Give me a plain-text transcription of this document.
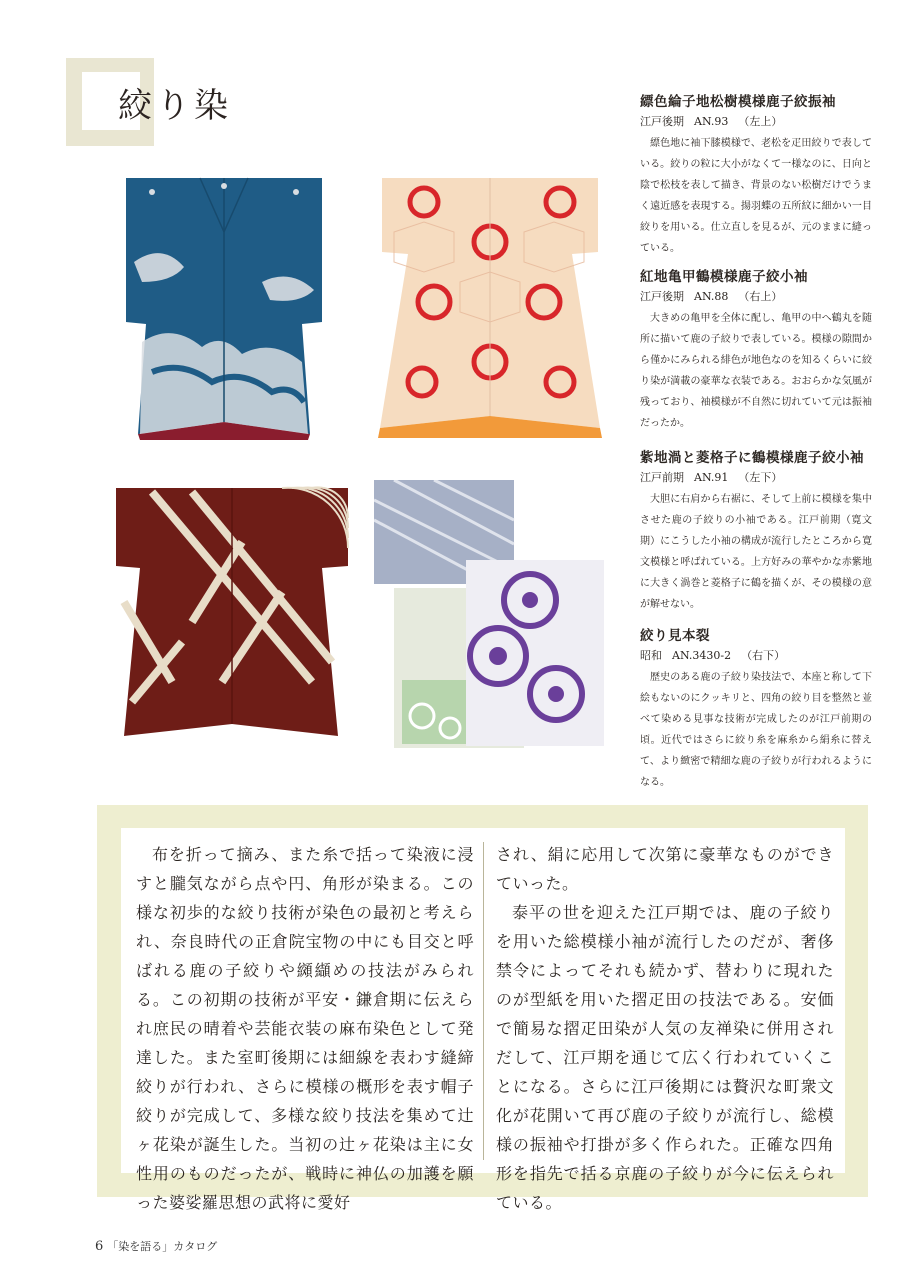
絞り染	縹色綸子地松樹模様鹿子絞振袖

江戸後期 AN.93 （左上）

縹色地に袖下膝模様で、老松を疋田絞りで表している。絞りの粒に大小がなくて一様なのに、日向と陰で松枝を表して描き、背景のない松樹だけでうまく遠近感を表現する。揚羽蝶の五所紋に細かい一目絞りを用いる。仕立直しを見るが、元のままに縫っている。

紅地亀甲鶴模様鹿子絞小袖

江戸後期 AN.88 （右上）

大きめの亀甲を全体に配し、亀甲の中へ鶴丸を随所に描いて鹿の子絞りで表している。模様の隙間から僅かにみられる緋色が地色なのを知るくらいに絞り染が満載の豪華な衣装である。おおらかな気風が残っており、袖模様が不自然に切れていて元は振袖だったか。

紫地渦と菱格子に鶴模様鹿子絞小袖

江戸前期 AN.91 （左下）

大胆に右肩から右裾に、そして上前に模様を集中させた鹿の子絞りの小袖である。江戸前期（寛文期）にこうした小袖の構成が流行したところから寛文模様と呼ばれている。上方好みの華やかな赤紫地に大きく渦巻と菱格子に鶴を描くが、その模様の意が解せない。

絞り見本裂

昭和 AN.3430-2 （右下）

歴史のある鹿の子絞り染技法で、本座と称して下絵もないのにクッキリと、四角の絞り目を整然と並べて染める見事な技術が完成したのが江戸前期の頃。近代ではさらに絞り糸を麻糸から絹糸に替えて、より緻密で精細な鹿の子絞りが行われるようになる。

布を折って摘み、また糸で括って染液に浸すと朧気ながら点や円、角形が染まる。この様な初歩的な絞り技術が染色の最初と考えられ、奈良時代の正倉院宝物の中にも目交と呼ばれる鹿の子絞りや纐纈めの技法がみられる。この初期の技術が平安・鎌倉期に伝えられ庶民の晴着や芸能衣装の麻布染色として発達した。また室町後期には細線を表わす縫締絞りが行われ、さらに模様の概形を表す帽子絞りが完成して、多様な絞り技法を集めて辻ヶ花染が誕生した。当初の辻ヶ花染は主に女性用のものだったが、戦時に神仏の加護を願った婆娑羅思想の武将に愛好

され、絹に応用して次第に豪華なものができていった。

泰平の世を迎えた江戸期では、鹿の子絞りを用いた総模様小袖が流行したのだが、奢侈禁令によってそれも続かず、替わりに現れたのが型紙を用いた摺疋田の技法である。安価で簡易な摺疋田染が人気の友禅染に併用されだして、江戸期を通じて広く行われていくことになる。さらに江戸後期には贅沢な町衆文化が花開いて再び鹿の子絞りが流行し、総模様の振袖や打掛が多く作られた。正確な四角形を指先で括る京鹿の子絞りが今に伝えられている。

6 「染を語る」カタログ
